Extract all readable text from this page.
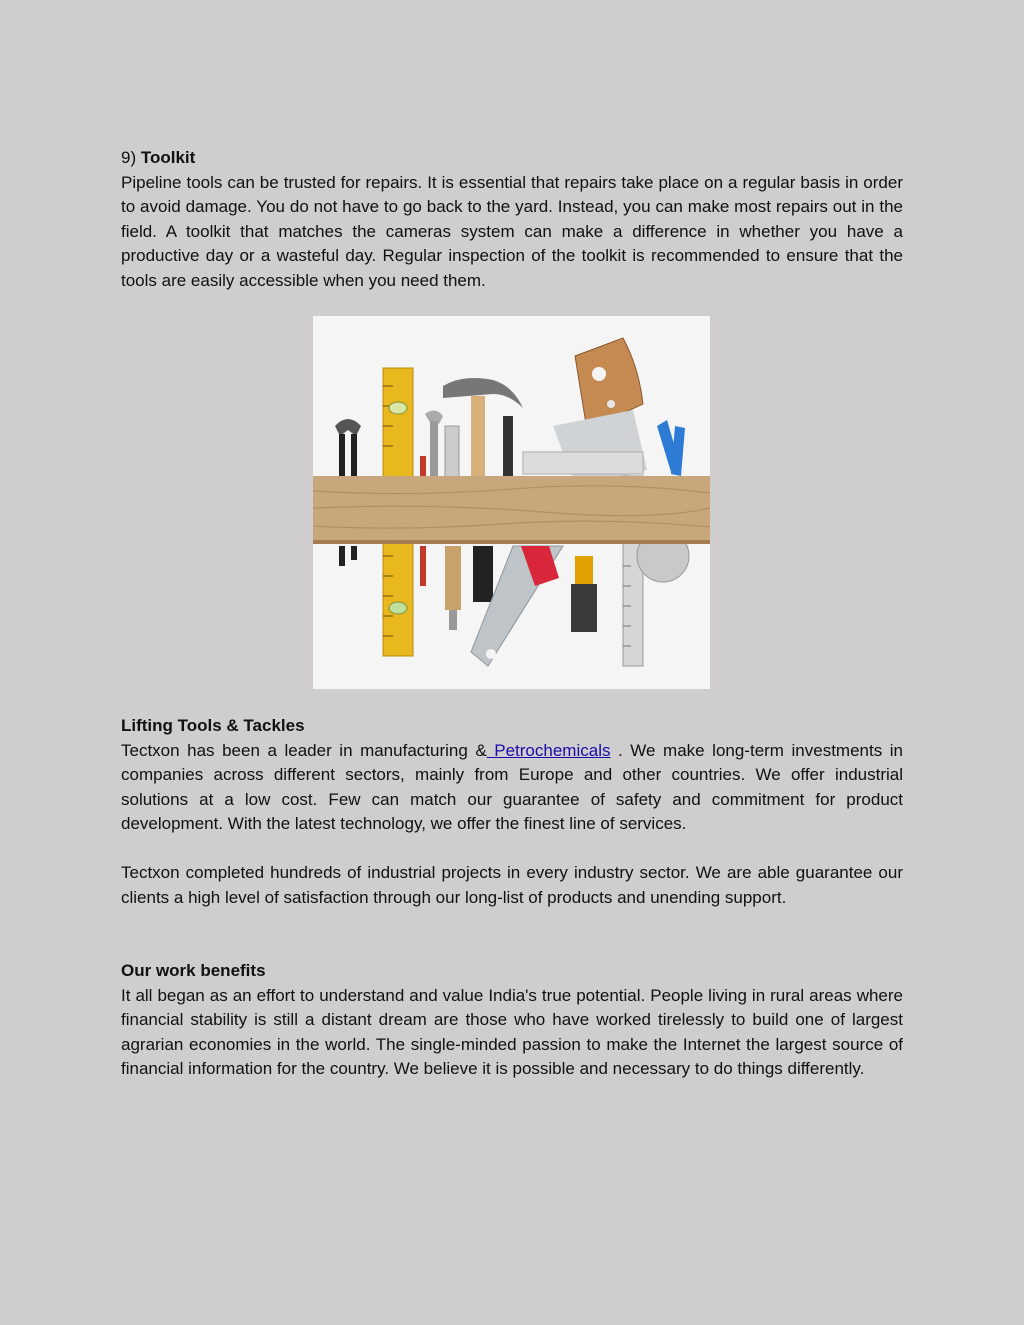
9) Toolkit

Pipeline tools can be trusted for repairs. It is essential that repairs take place on a regular basis in order to avoid damage. You do not have to go back to the yard. Instead, you can make most repairs out in the field. A toolkit that matches the cameras system can make a difference in whether you have a productive day or a wasteful day. Regular inspection of the toolkit is recommended to ensure that the tools are easily accessible when you need them.

Lifting Tools & Tackles

Tectxon has been a leader in manufacturing & Petrochemicals . We make long-term investments in companies across different sectors, mainly from Europe and other countries. We offer industrial solutions at a low cost. Few can match our guarantee of safety and commitment for product development. With the latest technology, we offer the finest line of services.

Tectxon completed hundreds of industrial projects in every industry sector. We are able guarantee our clients a high level of satisfaction through our long-list of products and unending support.

Our work benefits

It all began as an effort to understand and value India's true potential. People living in rural areas where financial stability is still a distant dream are those who have worked tirelessly to build one of largest agrarian economies in the world. The single-minded passion to make the Internet the largest source of financial information for the country. We believe it is possible and necessary to do things differently.
